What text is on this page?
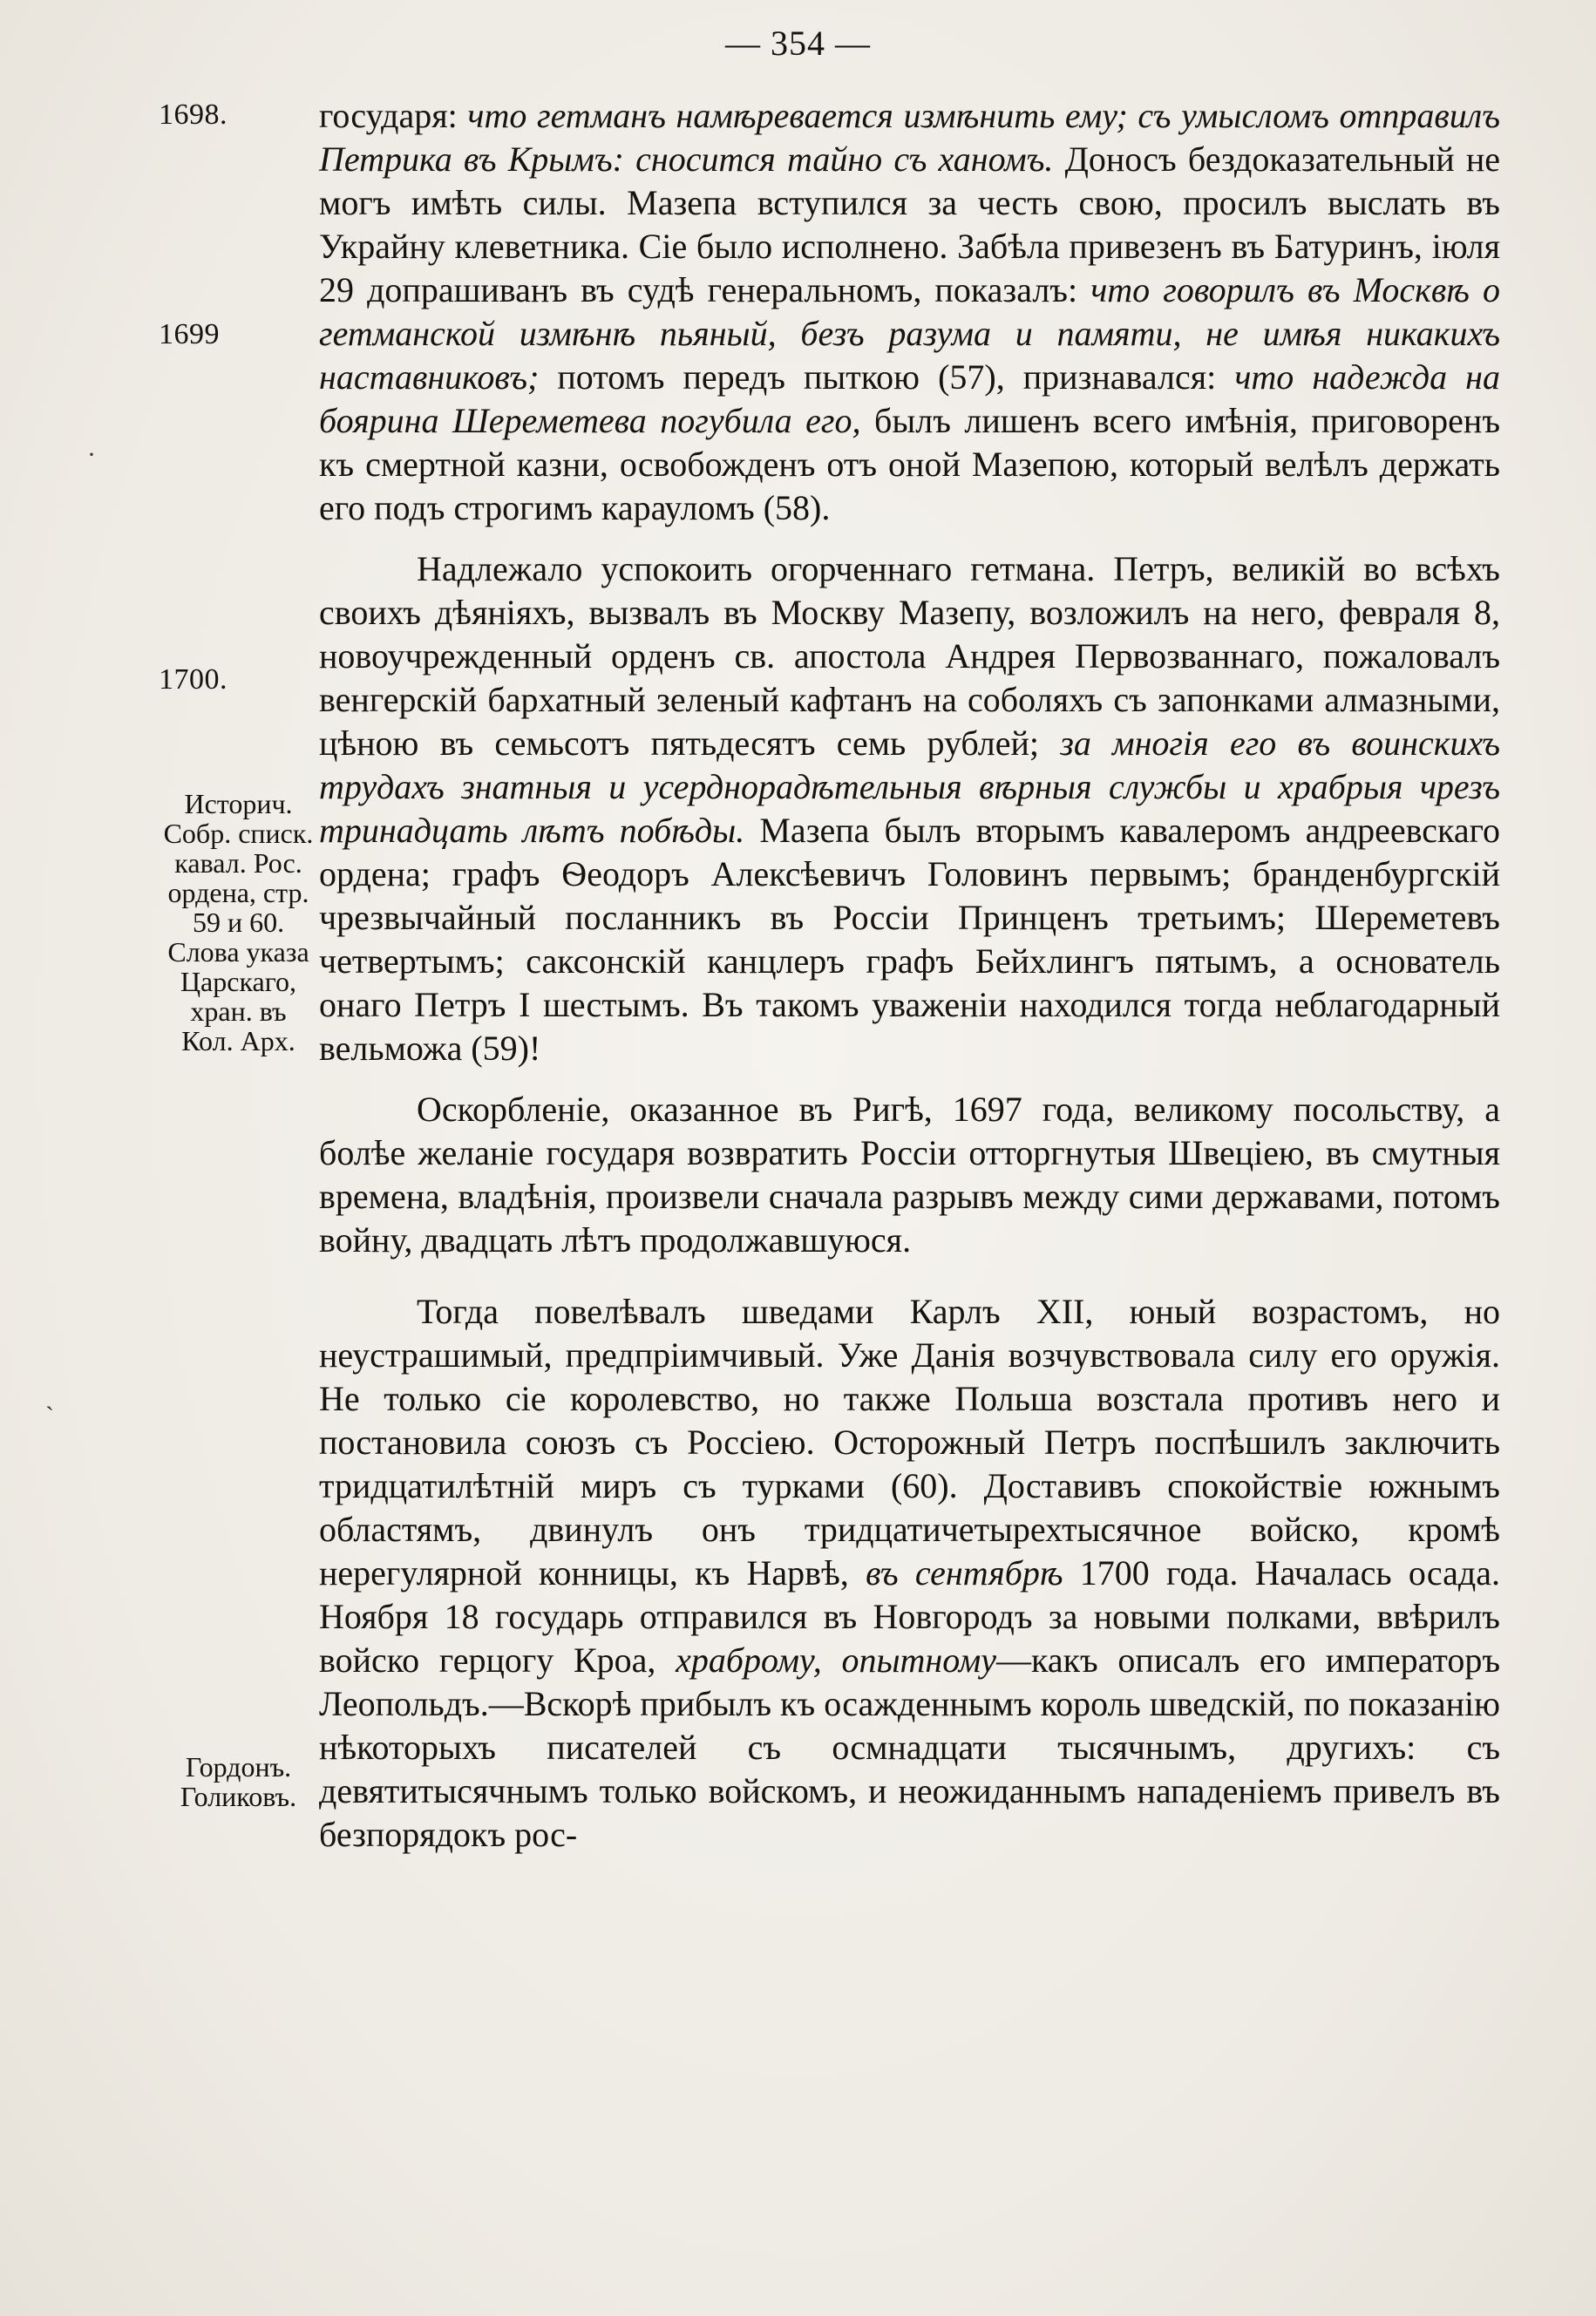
— 354 —
1698.
1699
1700.
Историч. Собр. списк. кавал. Рос. ордена, стр. 59 и 60. Слова указа Царскаго, хран. въ Кол. Арх.
Гордонъ. Голиковъ.
·
`

государя: что гетманъ намѣревается измѣнить ему; съ умысломъ отправилъ Петрика въ Крымъ: сносится тайно съ ханомъ. Доносъ бездоказательный не могъ имѣть силы. Мазепа вступился за честь свою, просилъ выслать въ Украйну клеветника. Сіе было исполнено. Забѣла привезенъ въ Батуринъ, іюля 29 допрашиванъ въ судѣ генеральномъ, показалъ: что говорилъ въ Москвѣ о гетманской измѣнѣ пьяный, безъ разума и памяти, не имѣя никакихъ наставниковъ; потомъ передъ пыткою (57), признавался: что надежда на боярина Шереметева погубила его, былъ лишенъ всего имѣнія, приговоренъ къ смертной казни, освобожденъ отъ оной Мазепою, который велѣлъ держать его подъ строгимъ карауломъ (58).

Надлежало успокоить огорченнаго гетмана. Петръ, великій во всѣхъ своихъ дѣяніяхъ, вызвалъ въ Москву Мазепу, возложилъ на него, февраля 8, новоучрежденный орденъ св. апостола Андрея Первозваннаго, пожаловалъ венгерскій бархатный зеленый кафтанъ на соболяхъ съ запонками алмазными, цѣною въ семьсотъ пятьдесятъ семь рублей; за многія его въ воинскихъ трудахъ знатныя и усерднорадѣтельныя вѣрныя службы и храбрыя чрезъ тринадцать лѣтъ побѣды. Мазепа былъ вторымъ кавалеромъ андреевскаго ордена; графъ Ѳеодоръ Алексѣевичъ Головинъ первымъ; бранденбургскій чрезвычайный посланникъ въ Россіи Принценъ третьимъ; Шереметевъ четвертымъ; саксонскій канцлеръ графъ Бейхлингъ пятымъ, а основатель онаго Петръ I шестымъ. Въ такомъ уваженіи находился тогда неблагодарный вельможа (59)!

Оскорбленіе, оказанное въ Ригѣ, 1697 года, великому посольству, а болѣе желаніе государя возвратить Россіи отторгнутыя Швеціею, въ смутныя времена, владѣнія, произвели сначала разрывъ между сими державами, потомъ войну, двадцать лѣтъ продолжавшуюся.

Тогда повелѣвалъ шведами Карлъ XII, юный возрастомъ, но неустрашимый, предпріимчивый. Уже Данія возчувствовала силу его оружія. Не только сіе королевство, но также Польша возстала противъ него и постановила союзъ съ Россіею. Осторожный Петръ поспѣшилъ заключить тридцатилѣтній миръ съ турками (60). Доставивъ спокойствіе южнымъ областямъ, двинулъ онъ тридцатичетырехтысячное войско, кромѣ нерегулярной конницы, къ Нарвѣ, въ сентябрѣ 1700 года. Началась осада. Ноября 18 государь отправился въ Новгородъ за новыми полками, ввѣрилъ войско герцогу Кроа, храброму, опытному—какъ описалъ его императоръ Леопольдъ.—Вскорѣ прибылъ къ осажденнымъ король шведскій, по показанію нѣкоторыхъ писателей съ осмнадцати тысячнымъ, другихъ: съ девятитысячнымъ только войскомъ, и неожиданнымъ нападеніемъ привелъ въ безпорядокъ рос-
